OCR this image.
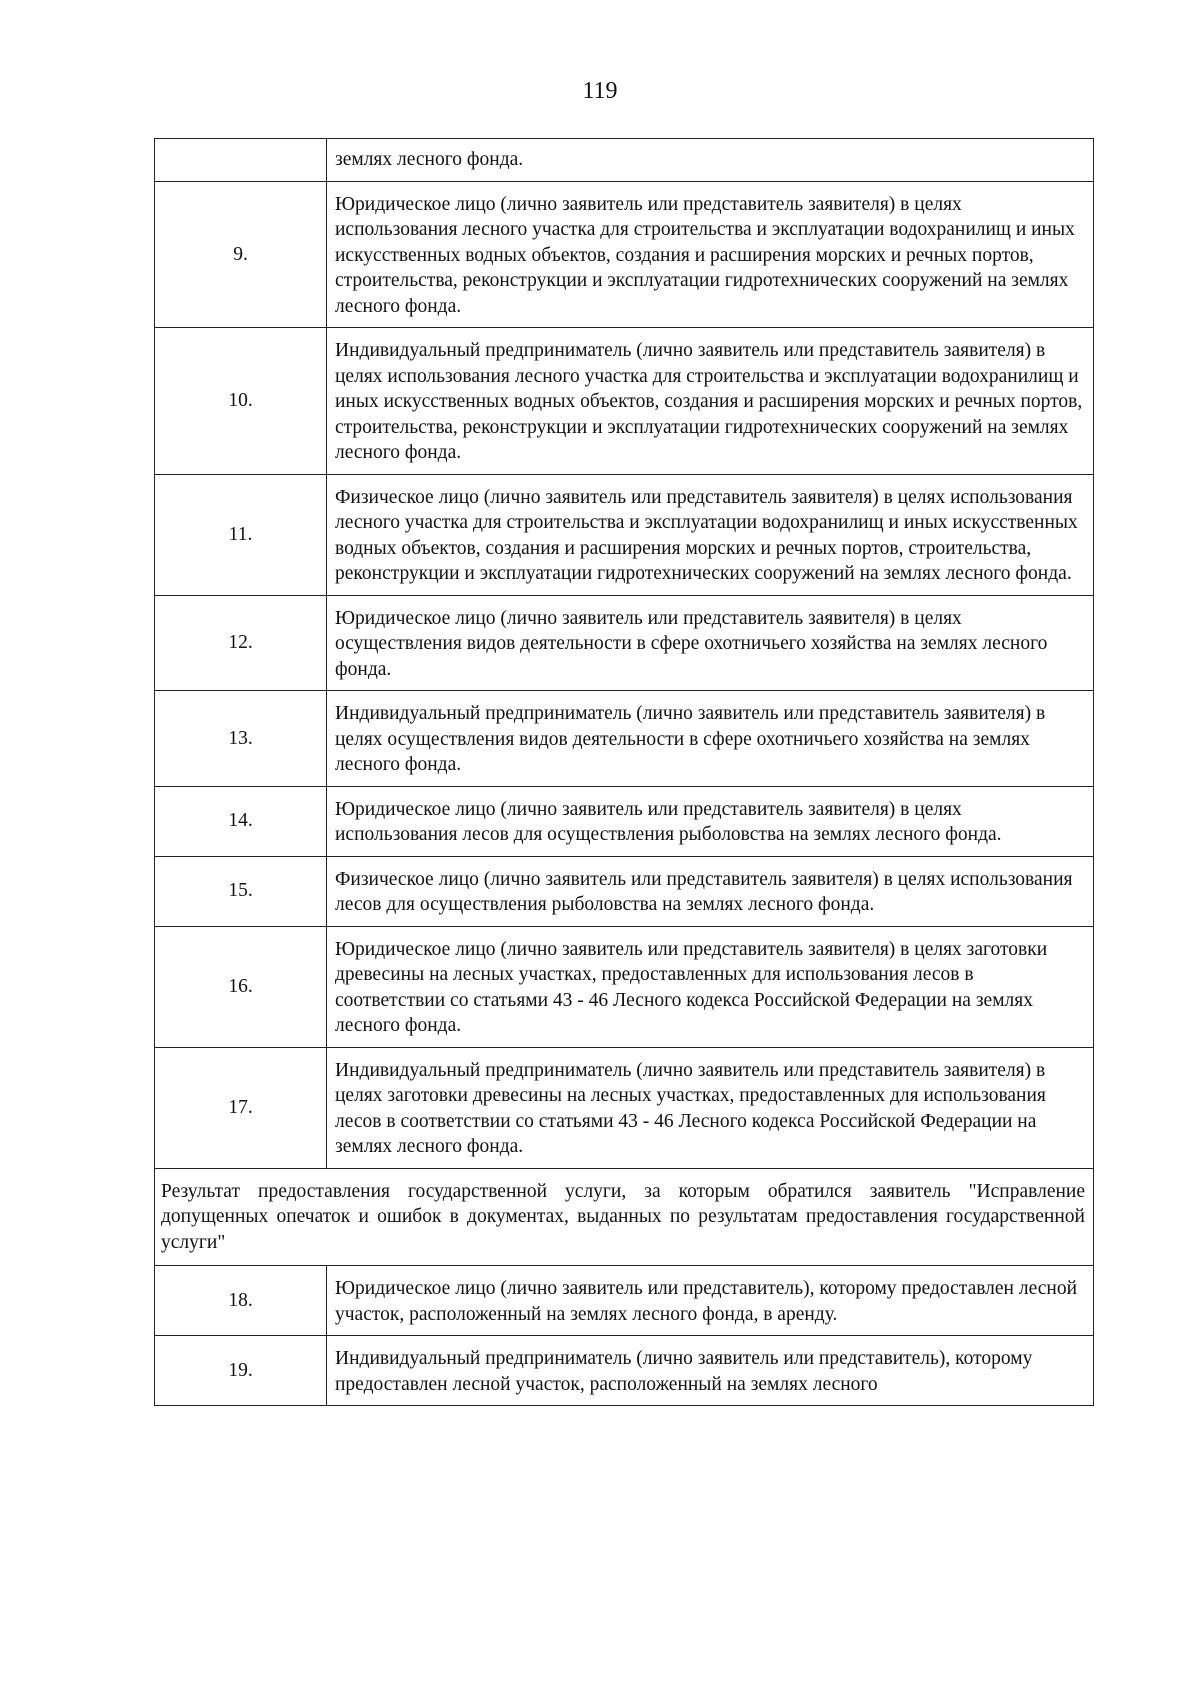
119
	землях лесного фонда.
9.	Юридическое лицо (лично заявитель или представитель заявителя) в целях использования лесного участка для строительства и эксплуатации водохранилищ и иных искусственных водных объектов, создания и расширения морских и речных портов, строительства, реконструкции и эксплуатации гидротехнических сооружений на землях лесного фонда.
10.	Индивидуальный предприниматель (лично заявитель или представитель заявителя) в целях использования лесного участка для строительства и эксплуатации водохранилищ и иных искусственных водных объектов, создания и расширения морских и речных портов, строительства, реконструкции и эксплуатации гидротехнических сооружений на землях лесного фонда.
11.	Физическое лицо (лично заявитель или представитель заявителя) в целях использования лесного участка для строительства и эксплуатации водохранилищ и иных искусственных водных объектов, создания и расширения морских и речных портов, строительства, реконструкции и эксплуатации гидротехнических сооружений на землях лесного фонда.
12.	Юридическое лицо (лично заявитель или представитель заявителя) в целях осуществления видов деятельности в сфере охотничьего хозяйства на землях лесного фонда.
13.	Индивидуальный предприниматель (лично заявитель или представитель заявителя) в целях осуществления видов деятельности в сфере охотничьего хозяйства на землях лесного фонда.
14.	Юридическое лицо (лично заявитель или представитель заявителя) в целях использования лесов для осуществления рыболовства на землях лесного фонда.
15.	Физическое лицо (лично заявитель или представитель заявителя) в целях использования лесов для осуществления рыболовства на землях лесного фонда.
16.	Юридическое лицо (лично заявитель или представитель заявителя) в целях заготовки древесины на лесных участках, предоставленных для использования лесов в соответствии со статьями 43 - 46 Лесного кодекса Российской Федерации на землях лесного фонда.
17.	Индивидуальный предприниматель (лично заявитель или представитель заявителя) в целях заготовки древесины на лесных участках, предоставленных для использования лесов в соответствии со статьями 43 - 46 Лесного кодекса Российской Федерации на землях лесного фонда.
Результат предоставления государственной услуги, за которым обратился заявитель "Исправление допущенных опечаток и ошибок в документах, выданных по результатам предоставления государственной услуги"	
18.	Юридическое лицо (лично заявитель или представитель), которому предоставлен лесной участок, расположенный на землях лесного фонда, в аренду.
19.	Индивидуальный предприниматель (лично заявитель или представитель), которому предоставлен лесной участок, расположенный на землях лесного
